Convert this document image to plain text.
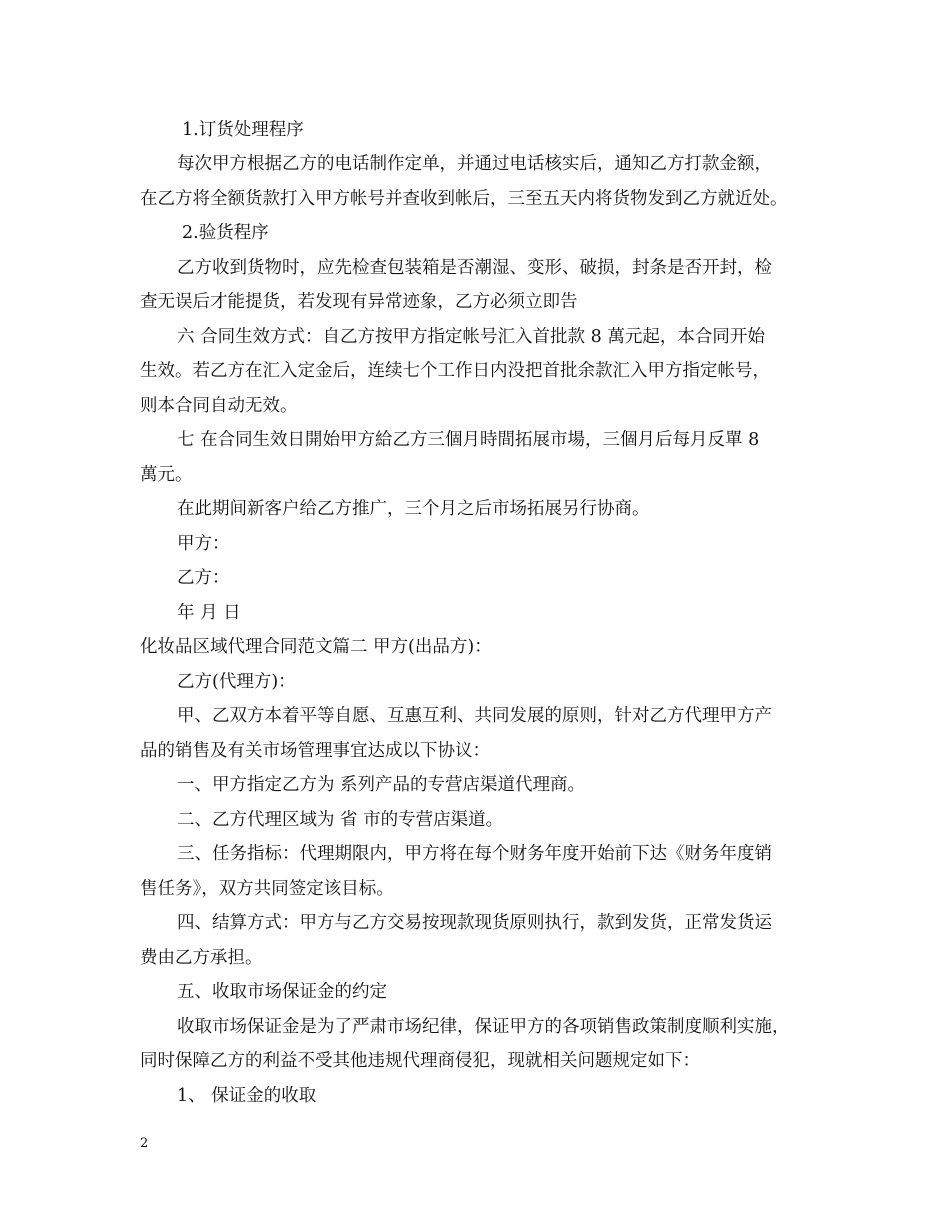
1.订货处理程序
每次甲方根据乙方的电话制作定单，并通过电话核实后，通知乙方打款金额，
在乙方将全额货款打入甲方帐号并查收到帐后，三至五天内将货物发到乙方就近处。
2.验货程序
乙方收到货物时，应先检查包装箱是否潮湿、变形、破损，封条是否开封，检
查无误后才能提货，若发现有异常迹象，乙方必须立即告
六 合同生效方式：自乙方按甲方指定帐号汇入首批款 8 萬元起，本合同开始
生效。若乙方在汇入定金后，连续七个工作日内没把首批余款汇入甲方指定帐号，
则本合同自动无效。
七 在合同生效日開始甲方給乙方三個月時間拓展市場，三個月后每月反單 8
萬元。
在此期间新客户给乙方推广，三个月之后市场拓展另行协商。
甲方：
乙方：
年 月 日
化妆品区域代理合同范文篇二 甲方(出品方)：
乙方(代理方)：
甲、乙双方本着平等自愿、互惠互利、共同发展的原则，针对乙方代理甲方产
品的销售及有关市场管理事宜达成以下协议：
一、甲方指定乙方为 系列产品的专营店渠道代理商。
二、乙方代理区域为 省 市的专营店渠道。
三、任务指标：代理期限内，甲方将在每个财务年度开始前下达《财务年度销
售任务》，双方共同签定该目标。
四、结算方式：甲方与乙方交易按现款现货原则执行，款到发货，正常发货运
费由乙方承担。
五、收取市场保证金的约定
收取市场保证金是为了严肃市场纪律，保证甲方的各项销售政策制度顺利实施，
同时保障乙方的利益不受其他违规代理商侵犯，现就相关问题规定如下：
1、 保证金的收取
2
